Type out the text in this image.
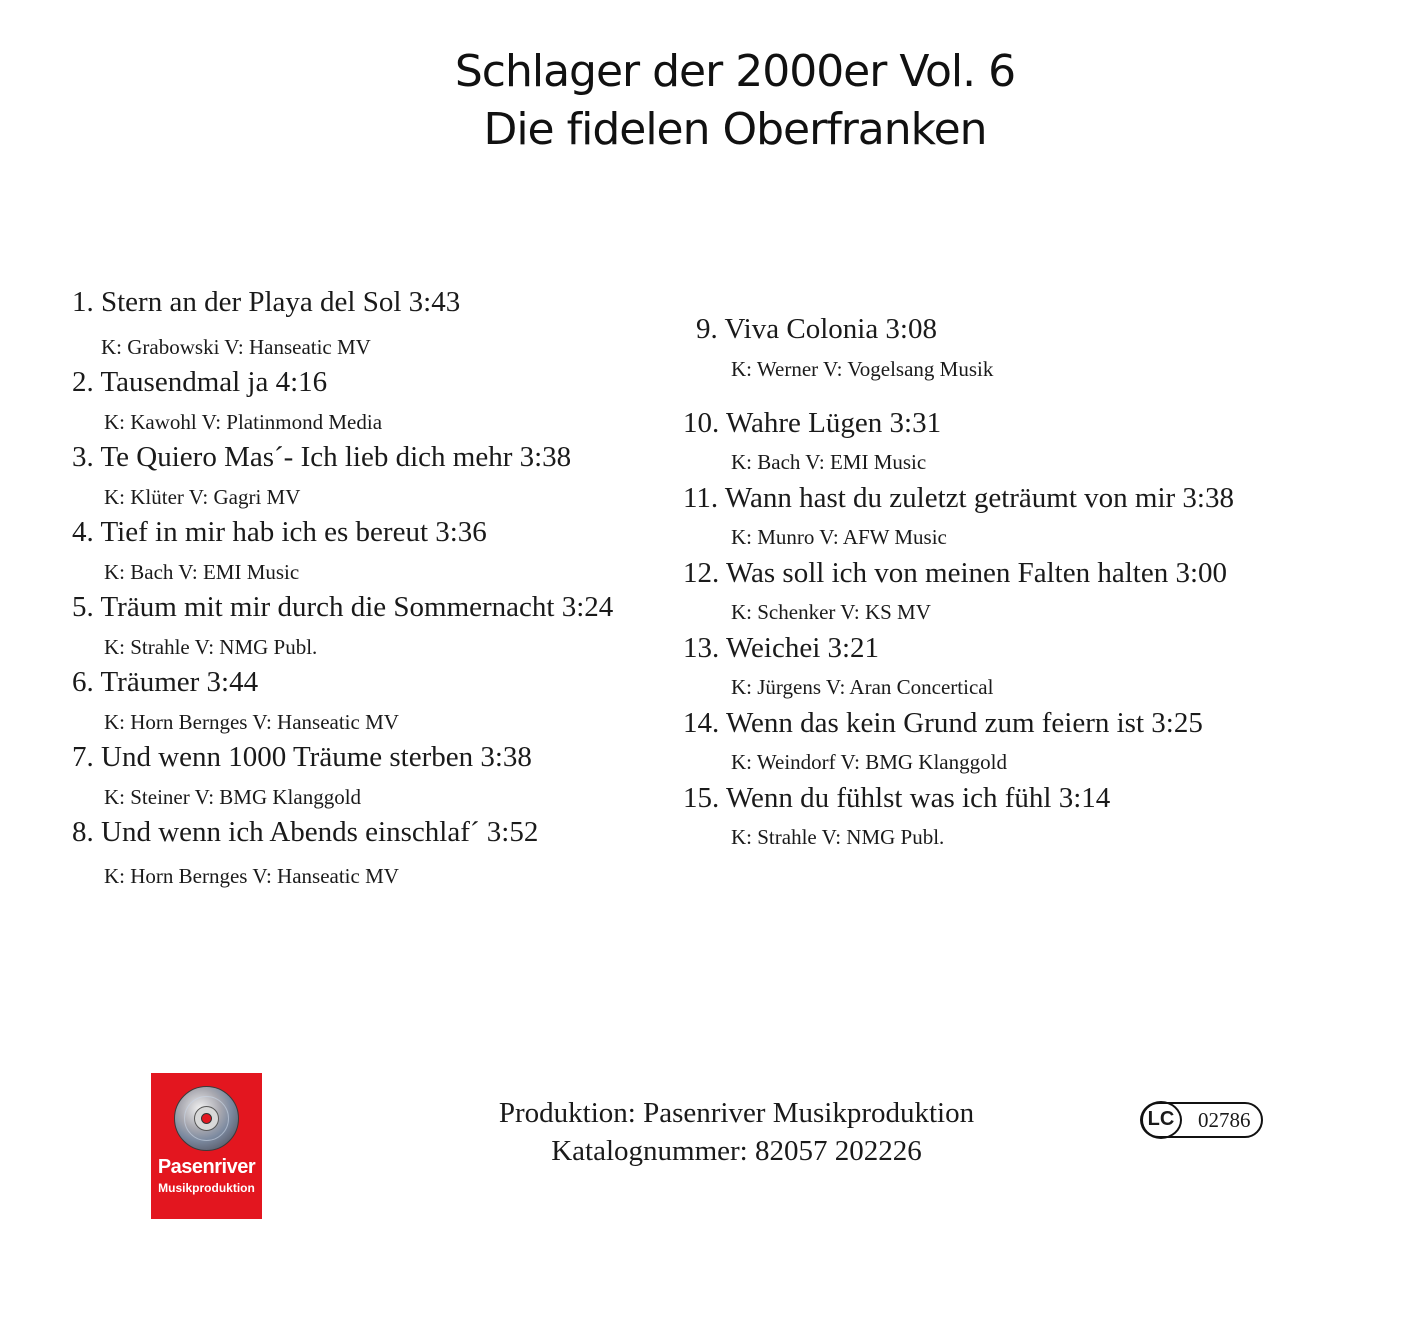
Schlager der 2000er Vol. 6
Die fidelen Oberfranken
1. Stern an der Playa del Sol 3:43
K: Grabowski V: Hanseatic MV
2. Tausendmal ja 4:16
K: Kawohl V: Platinmond Media
3. Te Quiero Mas´- Ich lieb dich mehr 3:38
K: Klüter V: Gagri MV
4. Tief in mir hab ich es bereut 3:36
K: Bach V: EMI Music
5. Träum mit mir durch die Sommernacht 3:24
K: Strahle V: NMG Publ.
6. Träumer 3:44
K: Horn Bernges V: Hanseatic MV
7. Und wenn 1000 Träume sterben 3:38
K: Steiner V: BMG Klanggold
8. Und wenn ich Abends einschlaf´ 3:52
K: Horn Bernges V: Hanseatic MV
9. Viva Colonia 3:08
K: Werner V: Vogelsang Musik
10. Wahre Lügen 3:31
K: Bach V: EMI Music
11. Wann hast du zuletzt geträumt von mir 3:38
K: Munro V: AFW Music
12. Was soll ich von meinen Falten halten 3:00
K: Schenker V: KS MV
13. Weichei 3:21
K: Jürgens V: Aran Concertical
14. Wenn das kein Grund zum feiern ist 3:25
K: Weindorf V: BMG Klanggold
15. Wenn du fühlst was ich fühl 3:14
K: Strahle V: NMG Publ.
Pasenriver
Musikproduktion
Produktion: Pasenriver Musikproduktion
Katalognummer: 82057 202226
LC	02786
